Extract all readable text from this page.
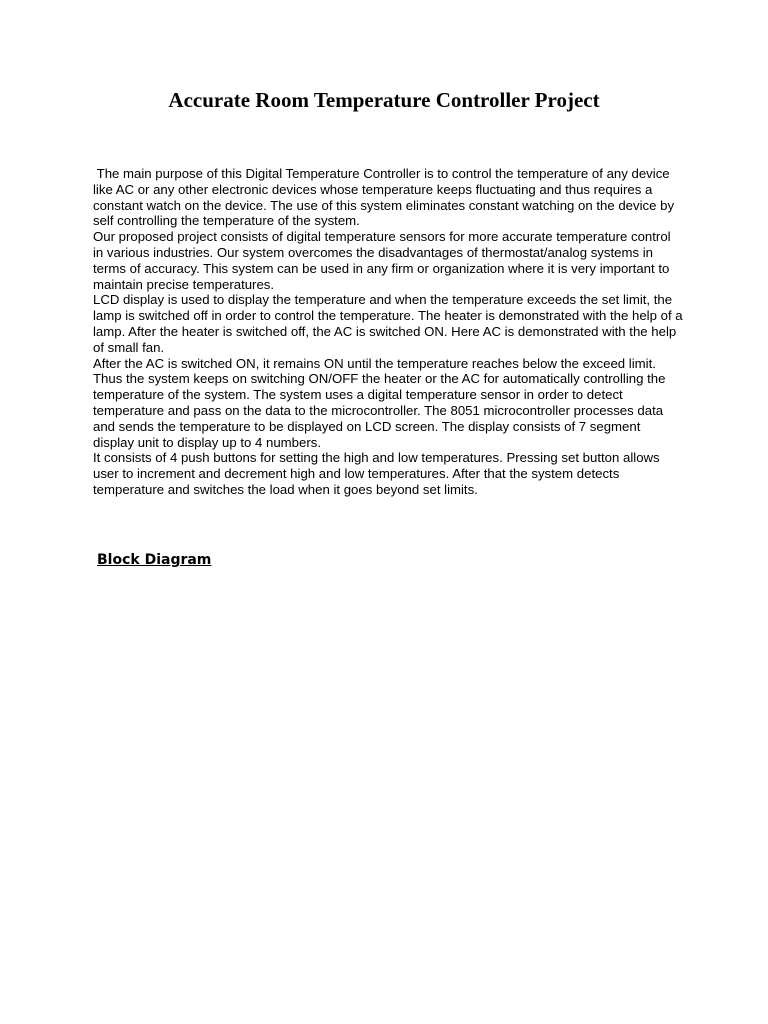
Accurate Room Temperature Controller Project

The main purpose of this Digital Temperature Controller is to control the temperature of any device like AC or any other electronic devices whose temperature keeps fluctuating and thus requires a constant watch on the device. The use of this system eliminates constant watching on the device by self controlling the temperature of the system.

Our proposed project consists of digital temperature sensors for more accurate temperature control in various industries. Our system overcomes the disadvantages of thermostat/analog systems in terms of accuracy. This system can be used in any firm or organization where it is very important to maintain precise temperatures.

LCD display is used to display the temperature and when the temperature exceeds the set limit, the lamp is switched off in order to control the temperature. The heater is demonstrated with the help of a lamp. After the heater is switched off, the AC is switched ON. Here AC is demonstrated with the help of small fan.

After the AC is switched ON, it remains ON until the temperature reaches below the exceed limit. Thus the system keeps on switching ON/OFF the heater or the AC for automatically controlling the temperature of the system. The system uses a digital temperature sensor in order to detect temperature and pass on the data to the microcontroller. The 8051 microcontroller processes data and sends the temperature to be displayed on LCD screen. The display consists of 7 segment display unit to display up to 4 numbers.

It consists of 4 push buttons for setting the high and low temperatures. Pressing set button allows user to increment and decrement high and low temperatures. After that the system detects temperature and switches the load when it goes beyond set limits.

Block Diagram
